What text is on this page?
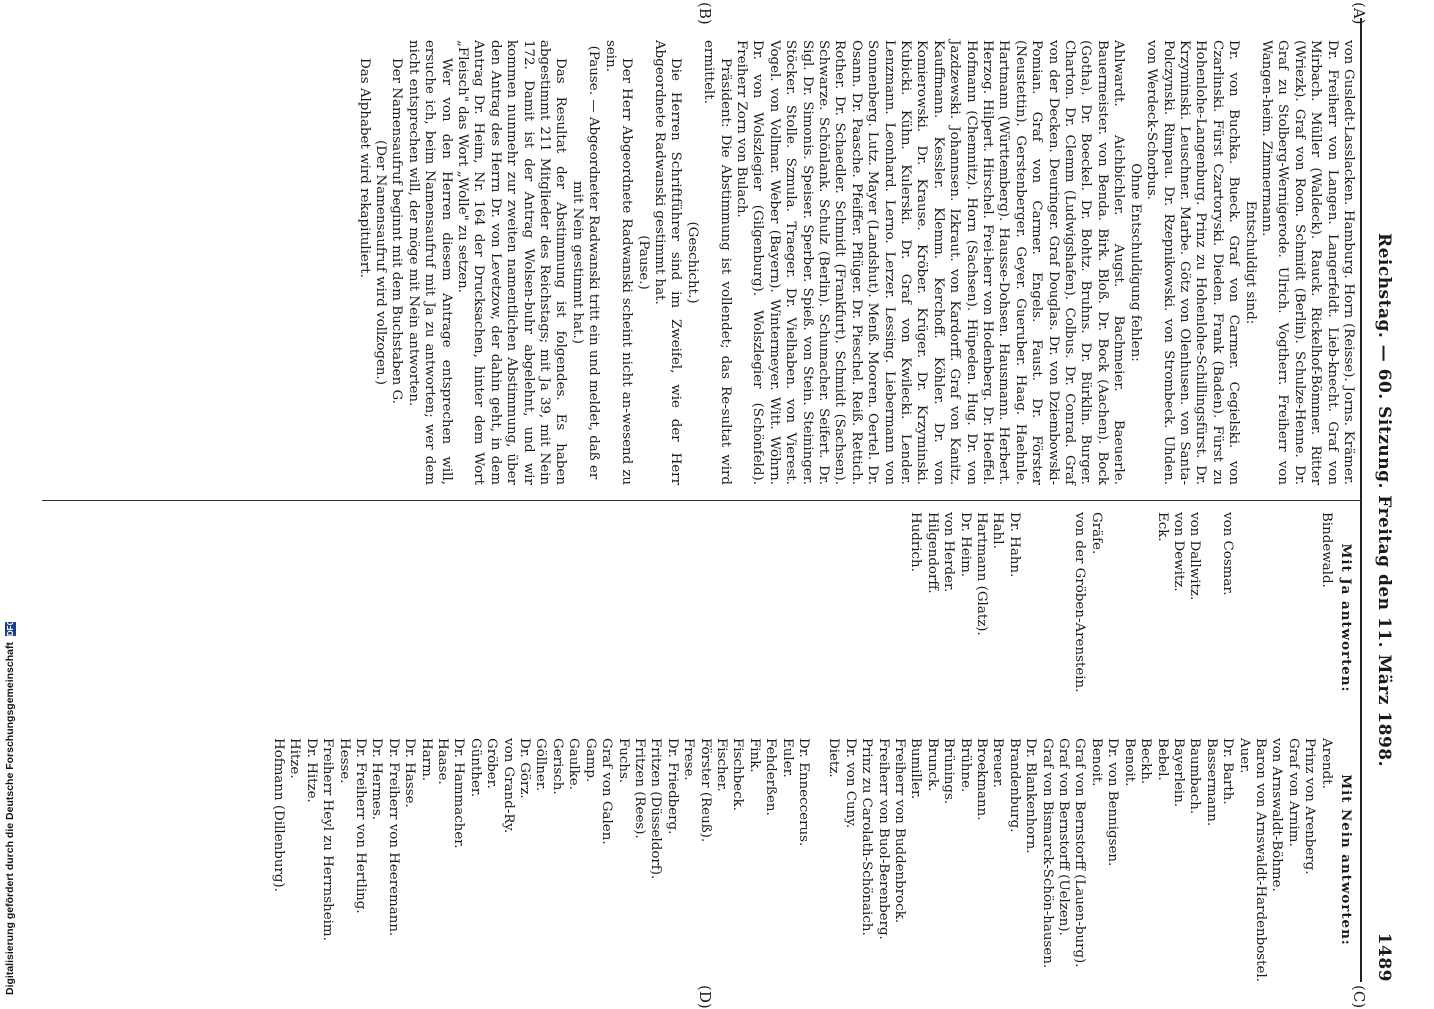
Reichstag. — 60. Sitzung. Freitag den 11. März 1898.
1489
(A)
(B)
(C)
(D)

von Gusledt-Lasslacken. Hamburg. Horn (Reisse). Jorns. Krämer. Dr. Freiherr von Langen. Langerfeldt. Lieb-knecht. Graf von Mirbach. Müller (Waldeck). Rauck. Rickelhof-Bömmer. Ritter (Wriezk). Graf von Roon. Schmidt (Berlin). Schulze-Henne. Dr. Graf zu Stolberg-Wernigerode. Ulrich. Vogtherr. Freiherr von Wangen-heim. Zimmermann.

Entschuldigt sind:

Dr. von Buchka. Bueck. Graf von Carmer. Cegielski. von Czarlinski. Fürst Czartoryski. Dieden. Frank (Baden). Fürst zu Hohenlohe-Langenburg. Prinz zu Hohenlohe-Schillingsfürst. Dr. Krzyminski. Leuschner. Marbe. Götz von Olenhusen. von Santa-Polczynski. Rimpau. Dr. Rzepnikowski. von Strombeck. Uhden. von Werdeck-Schorbus.

Ohne Entschuldigung fehlen:

Ahlwardt. Aichbichler. Augst. Bachmeier. Baeuerle. Bauermeister. von Benda. Birk. Bloß. Dr. Bock (Aachen). Bock (Gotha). Dr. Boeckel. Dr. Bohtz. Bruhns. Dr. Bürklin. Burger. Charton. Dr. Clemm (Ludwigshafen). Colbus. Dr. Conrad. Graf von der Decken. Deuringer. Graf Douglas. Dr. von Dziembowski-Pomian. Graf von Carmer. Engels. Faust. Dr. Förster (Neustettin). Gerstenberger. Geyer. Gueruber. Haag. Haehnle. Hartmann (Württemberg). Hausse-Dohsen. Hausmann. Herbert. Herzog. Hilpert. Hirschel. Frei-herr von Hodenberg. Dr. Hoeffel. Hofmann (Chemnitz). Horn (Sachsen). Hüpeden. Hug. Dr. von Jazdzewski. Johannsen. Izkraut. von Kardorff. Graf von Kanitz. Kauffmann. Kessler. Klemm. Kerchoff. Köhler. Dr. von Komierowski. Dr. Krause. Kröber. Krüger. Dr. Krzyminski. Kubicki. Kühn. Kulerski. Dr. Graf von Kwilecki. Lender. Lenzmann. Leonhard. Lerno. Lerzer. Lessing. Liebermann von Sonnenberg. Lutz. Mayer (Landshut). Menß. Mooren. Oertel. Dr. Osann. Dr. Paasche. Pfeiffer. Pflüger. Dr. Pieschel. Reiß. Rettich. Rother. Dr. Schaedler. Schmidt (Frankfurt). Schmidt (Sachsen). Schwarze. Schönlank. Schulz (Berlin). Schumacher. Seifert. Dr. Sigl. Dr. Simonis. Speiser. Sperber. Spieß. von Stein. Steininger. Stöcker. Stolle. Szmula. Traeger. Dr. Vielhaben. von Vierest. Vogel. von Vollmar. Weber (Bayern). Wintermeyer. Witt. Wöhrn. Dr. von Wolszlegier (Gilgenburg). Wolszlegier (Schönfeld). Freiherr Zorn von Bulach.

Präsident: Die Abstimmung ist vollendet; das Re-sultat wird ermittelt.

(Geschicht.)

Die Herren Schriftführer sind im Zweifel, wie der Herr Abgeordnete Radwanski gestimmt hat.

(Pause.)

Der Herr Abgeordnete Radwanski scheint nicht an-wesend zu sein.

(Pause. — Abgeordneter Radwanski tritt ein und meldet, daß er mit Nein gestimmt hat.)

Das Resultat der Abstimmung ist folgendes. Es haben abgestimmt 211 Mitglieder des Reichstags; mit Ja 39, mit Nein 172. Damit ist der Antrag Wolsen-buhr abgelehnt, und wir kommen nunmehr zur zweiten namentlichen Abstimmung, über den Antrag des Herrn Dr. von Levetzow, der dahin geht, in dem Antrag Dr. Heim, Nr. 164 der Drucksachen, hinter dem Wort „Fleisch" das Wort „Wolle" zu setzen.

Wer von den Herren diesem Antrage entsprechen will, ersuche ich, beim Namensaufruf mit Ja zu antworten; wer dem nicht entsprechen will, der möge mit Nein antworten.

Der Namensaufruf beginnt mit dem Buchstaben G.

(Der Namensaufruf wird vollzogen.)

Das Alphabet wird rekapituliert.

Mit Ja antworten:
Bindewald.

von Cosmar.

von Dallwitz.
von Dewitz.
Eck.

Gräfe.
von der Gröben-Arenstein.

Dr. Hahn.
Hahl.
Hartmann (Glatz).
Dr. Heim.
von Herder.
Hilgendorff.
Hudrich.
Mit Nein antworten:
Arendt.
Prinz von Arenberg.
Graf von Arnim.
von Arnswaldt-Böhme.
Baron von Arnswaldt-Hardenbostel.
Auer.
Dr. Barth.
Bassermann.
Baumbach.
Bayerlein.
Bebel.
Beckh.
Benoit.
Dr. von Bennigsen.
Benoit.
Graf von Bernstorff (Lauen-burg).
Graf von Bernstorff (Uelzen).
Graf von Bismarck-Schön-hausen.
Dr. Blankenhorn.
Brandenburg.
Breuer.
Broekmann.
Brühne.
Brünings.
Brunck.
Bumiller.
Freiherr von Buddenbrock.
Freiherr von Buol-Berenberg.
Prinz zu Carolath-Schönaich.
Dr. von Cuny.
Dietz.
Dr. Enneccerus.
Euler.
Fehderßen.
Fink.
Fischbeck.
Fischer.
Förster (Reuß).
Frese.
Dr. Friedberg.
Fritzen (Düsseldorf).
Fritzen (Rees).
Fuchs.
Graf von Galen.
Gamp.
Gaulke.
Gerisch.
Göllner.
Dr. Görz.
von Grand-Ry.
Gröber.
Günther.
Dr. Hammacher.
Haase.
Harm.
Dr. Hasse.
Dr. Freiherr von Heeremann.
Dr. Hermes.
Dr. Freiherr von Hertling.
Hesse.
Freiherr Heyl zu Herrnsheim.
Dr. Hitze.
Hitze.
Hofmann (Dillenburg).
Digitalisierung gefördert durch die Deutsche Forschungsgemeinschaft DFG
